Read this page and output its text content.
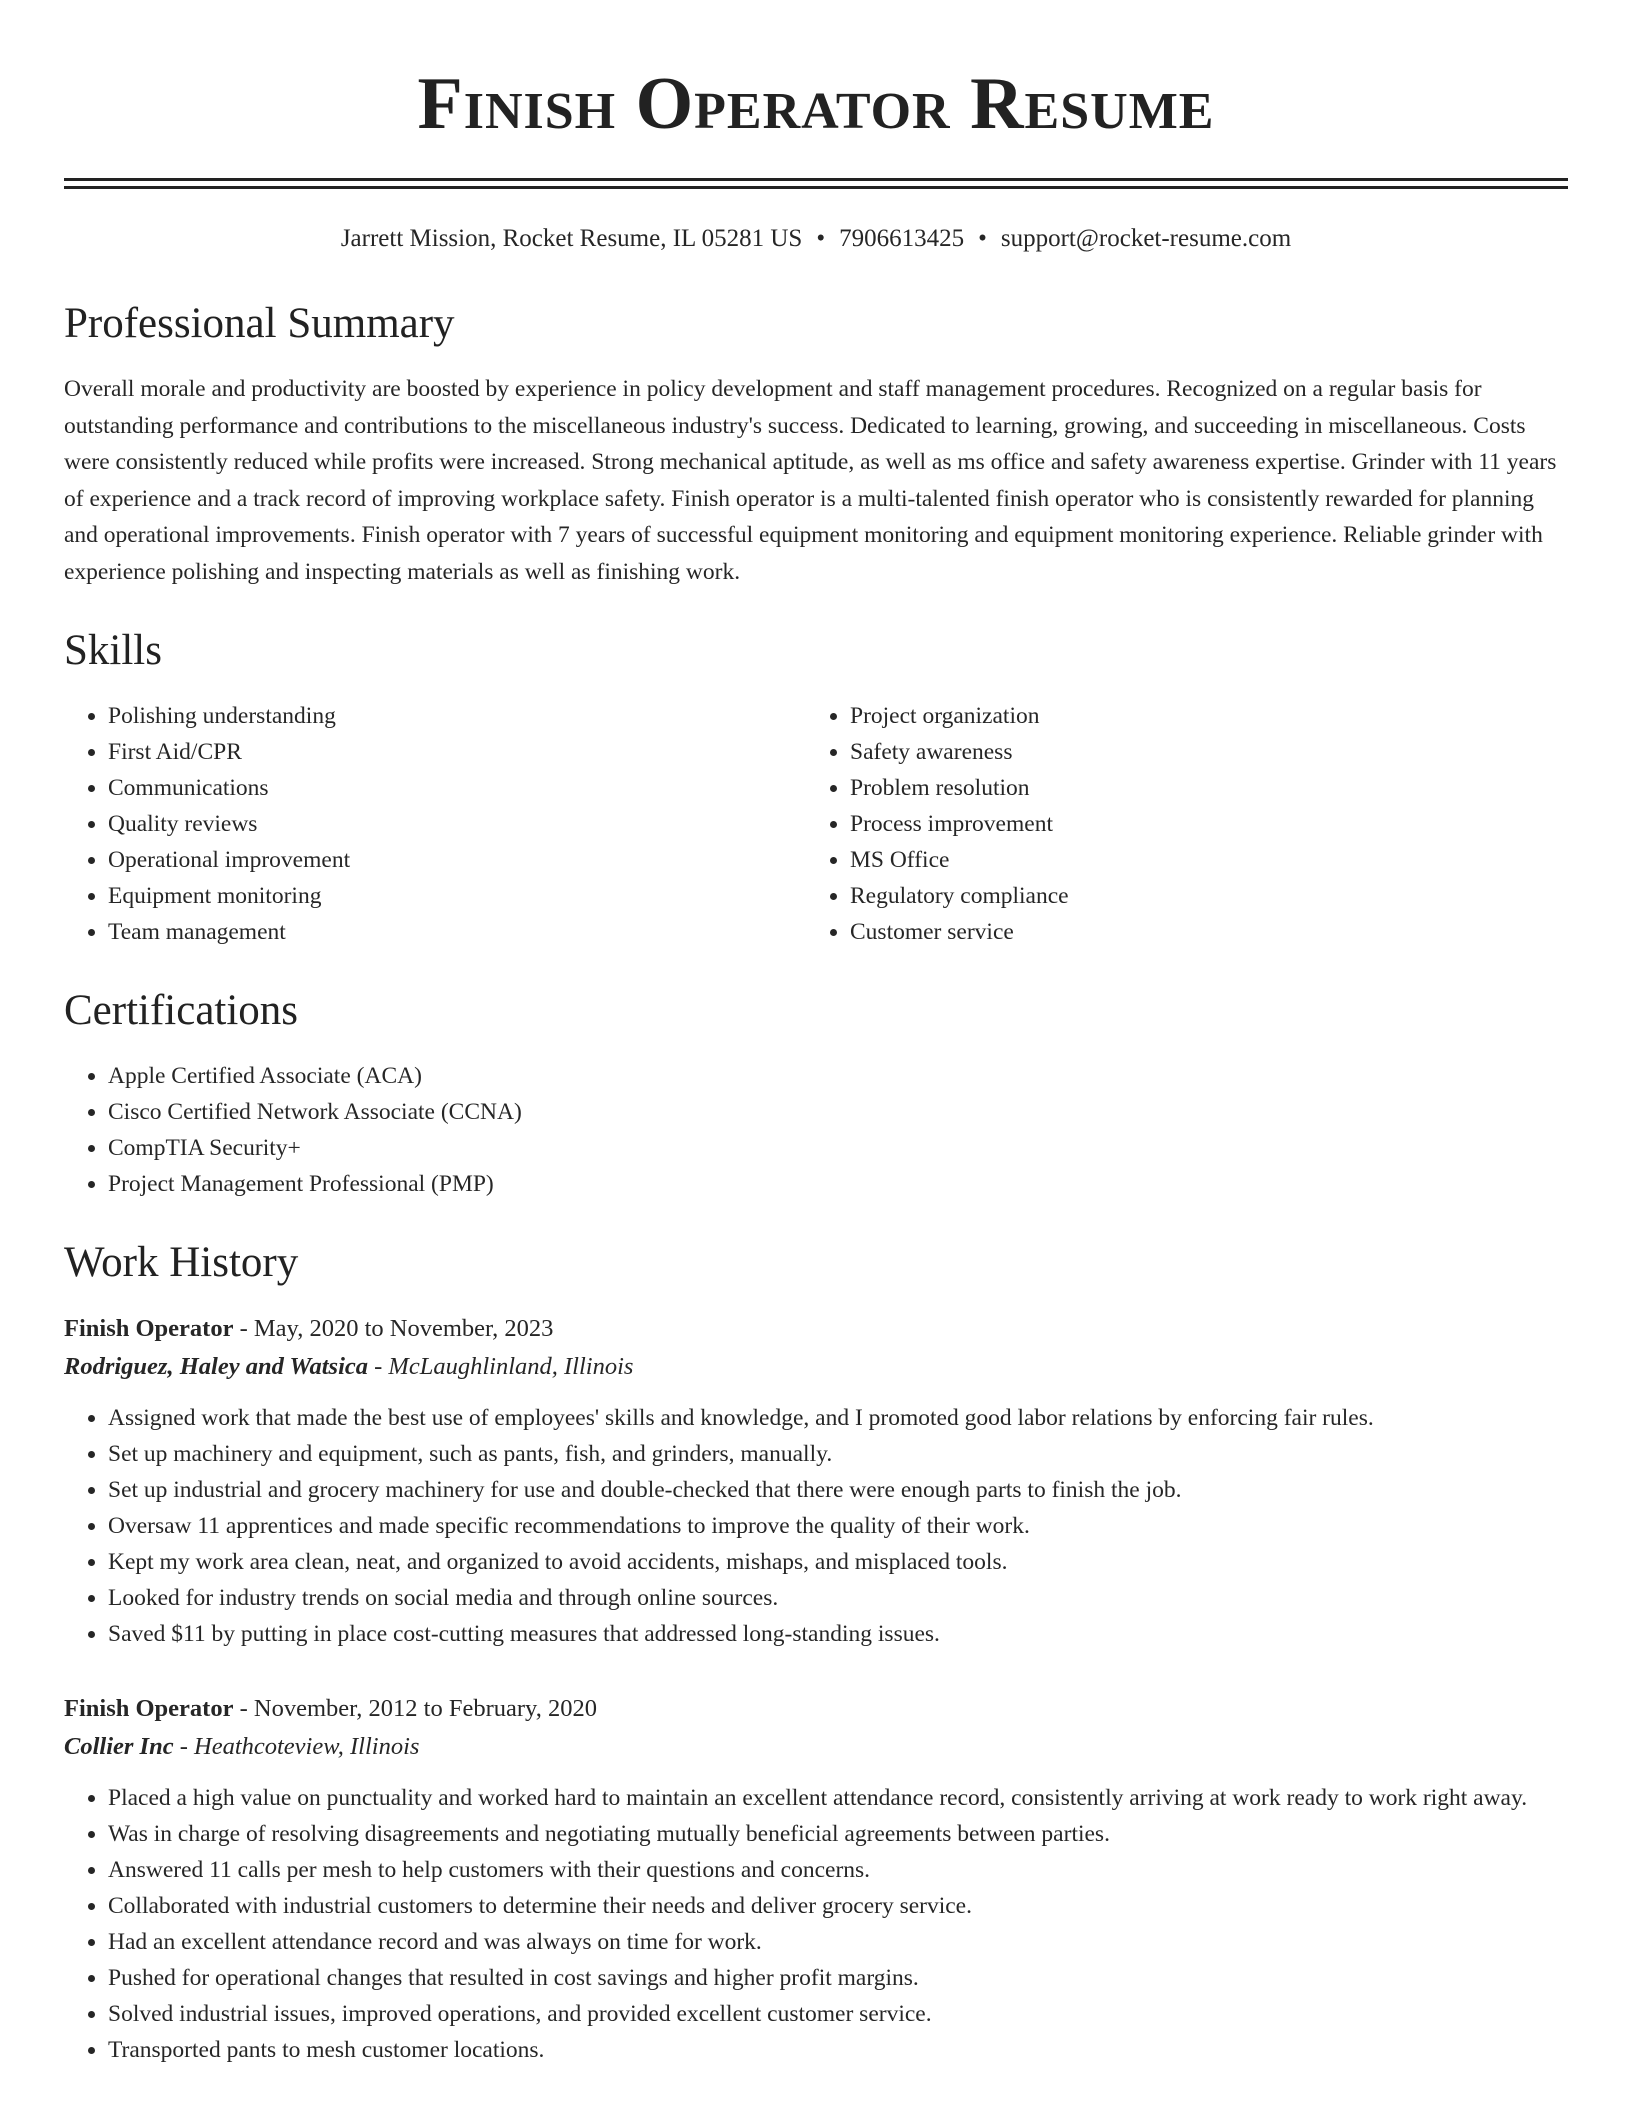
Finish Operator Resume
Jarrett Mission, Rocket Resume, IL 05281 US • 7906613425 • support@rocket-resume.com
Professional Summary

Overall morale and productivity are boosted by experience in policy development and staff management procedures. Recognized on a regular basis for outstanding performance and contributions to the miscellaneous industry's success. Dedicated to learning, growing, and succeeding in miscellaneous. Costs were consistently reduced while profits were increased. Strong mechanical aptitude, as well as ms office and safety awareness expertise. Grinder with 11 years of experience and a track record of improving workplace safety. Finish operator is a multi-talented finish operator who is consistently rewarded for planning and operational improvements. Finish operator with 7 years of successful equipment monitoring and equipment monitoring experience. Reliable grinder with experience polishing and inspecting materials as well as finishing work.

Skills
• Polishing understanding
• First Aid/CPR
• Communications
• Quality reviews
• Operational improvement
• Equipment monitoring
• Team management
• Project organization
• Safety awareness
• Problem resolution
• Process improvement
• MS Office
• Regulatory compliance
• Customer service
Certifications
• Apple Certified Associate (ACA)
• Cisco Certified Network Associate (CCNA)
• CompTIA Security+
• Project Management Professional (PMP)
Work History

Finish Operator - May, 2020 to November, 2023

Rodriguez, Haley and Watsica - McLaughlinland, Illinois

• Assigned work that made the best use of employees' skills and knowledge, and I promoted good labor relations by enforcing fair rules.
• Set up machinery and equipment, such as pants, fish, and grinders, manually.
• Set up industrial and grocery machinery for use and double-checked that there were enough parts to finish the job.
• Oversaw 11 apprentices and made specific recommendations to improve the quality of their work.
• Kept my work area clean, neat, and organized to avoid accidents, mishaps, and misplaced tools.
• Looked for industry trends on social media and through online sources.
• Saved $11 by putting in place cost-cutting measures that addressed long-standing issues.

Finish Operator - November, 2012 to February, 2020

Collier Inc - Heathcoteview, Illinois

• Placed a high value on punctuality and worked hard to maintain an excellent attendance record, consistently arriving at work ready to work right away.
• Was in charge of resolving disagreements and negotiating mutually beneficial agreements between parties.
• Answered 11 calls per mesh to help customers with their questions and concerns.
• Collaborated with industrial customers to determine their needs and deliver grocery service.
• Had an excellent attendance record and was always on time for work.
• Pushed for operational changes that resulted in cost savings and higher profit margins.
• Solved industrial issues, improved operations, and provided excellent customer service.
• Transported pants to mesh customer locations.
